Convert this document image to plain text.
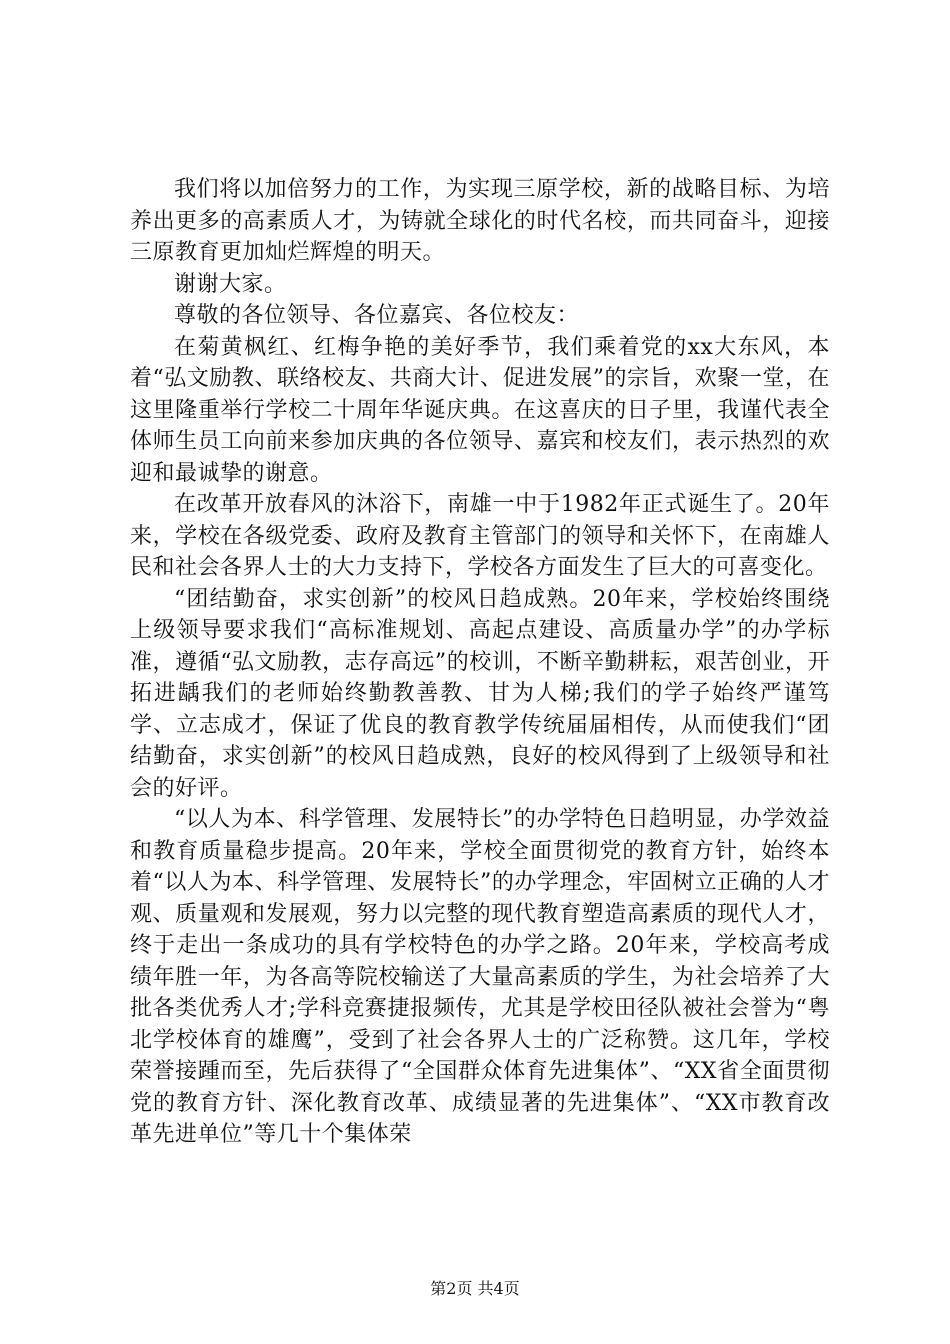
我们将以加倍努力的工作，为实现三原学校，新的战略目标、为培养出更多的高素质人才，为铸就全球化的时代名校，而共同奋斗，迎接三原教育更加灿烂辉煌的明天。

谢谢大家。

尊敬的各位领导、各位嘉宾、各位校友：

在菊黄枫红、红梅争艳的美好季节，我们乘着党的xx大东风，本着“弘文励教、联络校友、共商大计、促进发展”的宗旨，欢聚一堂，在这里隆重举行学校二十周年华诞庆典。在这喜庆的日子里，我谨代表全体师生员工向前来参加庆典的各位领导、嘉宾和校友们，表示热烈的欢迎和最诚挚的谢意。

在改革开放春风的沐浴下，南雄一中于1982年正式诞生了。20年来，学校在各级党委、政府及教育主管部门的领导和关怀下，在南雄人民和社会各界人士的大力支持下，学校各方面发生了巨大的可喜变化。

“团结勤奋，求实创新”的校风日趋成熟。20年来，学校始终围绕上级领导要求我们“高标准规划、高起点建设、高质量办学”的办学标准，遵循“弘文励教，志存高远”的校训，不断辛勤耕耘，艰苦创业，开拓进龋我们的老师始终勤教善教、甘为人梯;我们的学子始终严谨笃学、立志成才，保证了优良的教育教学传统届届相传，从而使我们“团结勤奋，求实创新”的校风日趋成熟，良好的校风得到了上级领导和社会的好评。

“以人为本、科学管理、发展特长”的办学特色日趋明显，办学效益和教育质量稳步提高。20年来，学校全面贯彻党的教育方针，始终本着“以人为本、科学管理、发展特长”的办学理念，牢固树立正确的人才观、质量观和发展观，努力以完整的现代教育塑造高素质的现代人才，终于走出一条成功的具有学校特色的办学之路。20年来，学校高考成绩年胜一年，为各高等院校输送了大量高素质的学生，为社会培养了大批各类优秀人才;学科竞赛捷报频传，尤其是学校田径队被社会誉为“粤北学校体育的雄鹰”，受到了社会各界人士的广泛称赞。这几年，学校荣誉接踵而至，先后获得了“全国群众体育先进集体”、“XX省全面贯彻党的教育方针、深化教育改革、成绩显著的先进集体”、“XX市教育改革先进单位”等几十个集体荣

第2页 共4页
